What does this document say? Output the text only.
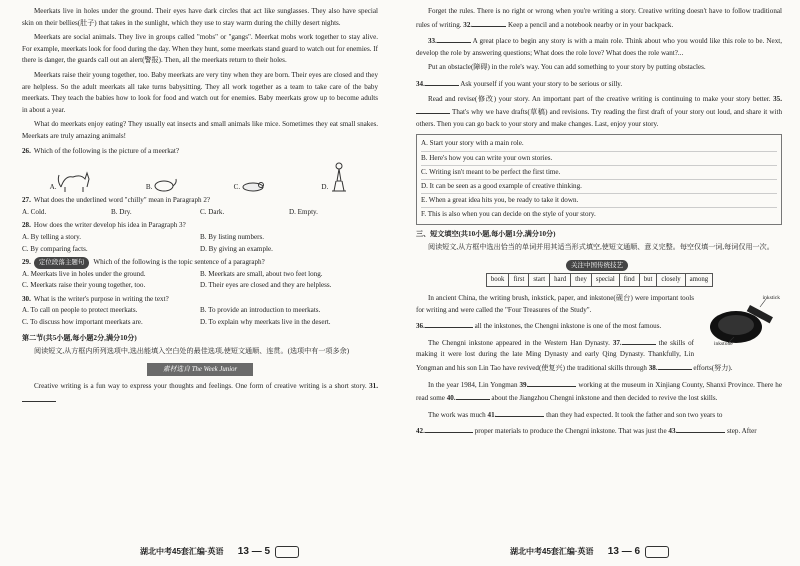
Meerkats live in holes under the ground. Their eyes have dark circles that act like sunglasses. They also have special skin on their bellies(肚子) that takes in the sunlight, which they use to stay warm during the chilly desert nights.

Meerkats are social animals. They live in groups called "mobs" or "gangs". Meerkat mobs work together to stay alive. For example, meerkats look for food during the day. When they hunt, some meerkats stand guard to watch out for enemies. If there is danger, the guards call out an alert(警报). Then, all the meerkats return to their holes.

Meerkats raise their young together, too. Baby meerkats are very tiny when they are born. Their eyes are closed and they are helpless. So the adult meerkats all take turns babysitting. They all work together as a team to take care of the baby meerkats. They teach the babies how to look for food and watch out for enemies. Baby meerkats grow up to become adults in about a year.

What do meerkats enjoy eating? They usually eat insects and small animals like mice. Sometimes they eat small snakes. Meerkats are truly amazing animals!

26. Which of the following is the picture of a meerkat?
A.	B.	C.	D.
27. What does the underlined word "chilly" mean in Paragraph 2?
A. Cold.	B. Dry.	C. Dark.	D. Empty.
28. How does the writer develop his idea in Paragraph 3?
A. By telling a story.	B. By listing numbers.
C. By comparing facts.	D. By giving an example.
29. 定位段落主题句 Which of the following is the topic sentence of a paragraph?
A. Meerkats live in holes under the ground.	B. Meerkats are small, about two feet long.
C. Meerkats raise their young together, too.	D. Their eyes are closed and they are helpless.
30. What is the writer's purpose in writing the text?
A. To call on people to protect meerkats.	B. To provide an introduction to meerkats.
C. To discuss how important meerkats are.	D. To explain why meerkats live in the desert.
第二节(共5小题,每小题2分,满分10分)

阅读短文,从方框内所列选项中,选出能填入空白处的最佳选项,使短文通顺、连贯。(选项中有一项多余)

素材选自 The Week Junior

Creative writing is a fun way to express your thoughts and feelings. One form of creative writing is a short story. 31.

湖北中考45套汇编·英语 13 — 5

Forget the rules. There is no right or wrong when you're writing a story. Creative writing doesn't have to follow traditional rules of writing. 32.	Keep a pencil and a notebook nearby or in your backpack.

33.	A great place to begin any story is with a main role. Think about who you would like this role to be. Next, develop the role by answering questions; What does the role love? What does the role want?...

Put an obstacle(障碍) in the role's way. You can add something to your story by putting obstacles.

34.	Ask yourself if you want your story to be serious or silly.

Read and revise(修改) your story. An important part of the creative writing is continuing to make your story better. 35. That's why we have drafts(草稿) and revisions. Try reading the first draft of your story out loud, and share it with others. Then you can go back to your story and make changes. Last, enjoy your story.

A. Start your story with a main role.
B. Here's how you can write your own stories.
C. Writing isn't meant to be perfect the first time.
D. It can be seen as a good example of creative thinking.
E. When a great idea hits you, be ready to take it down.
F. This is also when you can decide on the style of your story.
三、短文填空(共10小题,每小题1分,满分10分)

阅读短文,从方框中选出恰当的单词并用其适当形式填空,使短文通顺、意义完整。每空仅填一词,每词仅用一次。

关注中国传统技艺
book	first	start	hard	they	special	find	but	closely	among
inkstick
inkstone

In ancient China, the writing brush, inkstick, paper, and inkstone(砚台) were important tools for writing and were called the "Four Treasures of the Study".

36.	all the inkstones, the Chengni inkstone is one of the most famous.

The Chengni inkstone appeared in the Western Han Dynasty. 37.	the skills of making it were lost during the late Ming Dynasty and early Qing Dynasty. Thankfully, Lin Yongman and his son Lin Tao have revived(使复兴) the traditional skills through 38.	efforts(努力).

In the year 1984, Lin Yongman 39.	working at the museum in Xinjiang County, Shanxi Province. There he read some 40.	about the Jiangzhou Chengni inkstone and then decided to revive the lost skills.

The work was much 41.	than they had expected. It took the father and son two years to

42.	proper materials to produce the Chengni inkstone. That was just the 43.	step. After

湖北中考45套汇编·英语 13 — 6
